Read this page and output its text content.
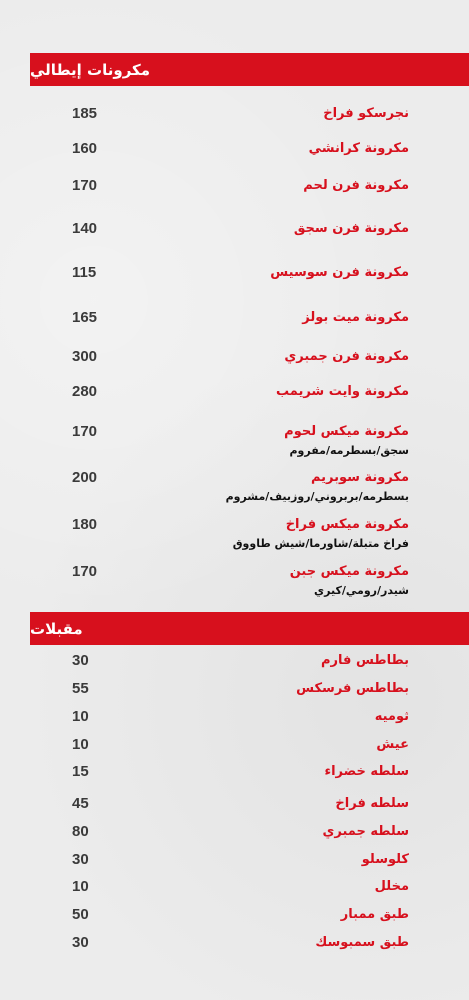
مكرونات إيطالي
185	نجرسكو فراخ
160	مكرونة كرانشي
170	مكرونة فرن لحم
140	مكرونة فرن سجق
115	مكرونة فرن سوسيس
165	مكرونة ميت بولز
300	مكرونة فرن جمبري
280	مكرونة وايت شريمب
170	مكرونة ميكس لحوم
سجق/بسطرمه/مفروم
200	مكرونة سوبريم
بسطرمه/بربروني/روزبيف/مشروم
180	مكرونة ميكس فراخ
فراخ متبلة/شاورما/شيش طاووق
170	مكرونة ميكس جبن
شيدر/رومي/كيري
مقبلات
30	بطاطس فارم
55	بطاطس فرسكس
10	ثوميه
10	عيش
15	سلطه خضراء
45	سلطه فراخ
80	سلطه جمبري
30	كلوسلو
10	مخلل
50	طبق ممبار
30	طبق سمبوسك
